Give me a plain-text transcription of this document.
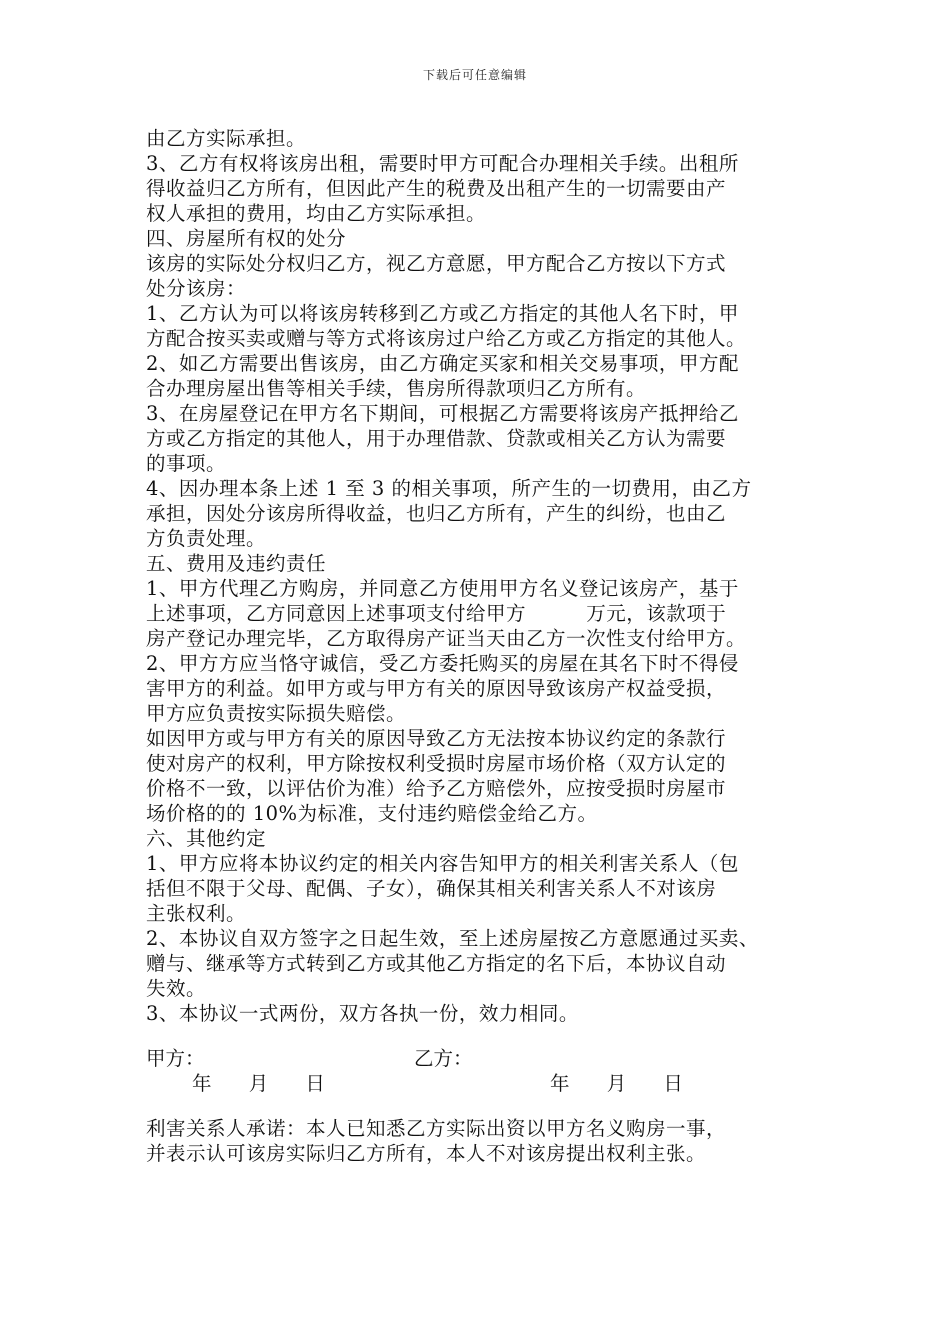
下载后可任意编辑
由乙方实际承担。
3、乙方有权将该房出租，需要时甲方可配合办理相关手续。出租所
得收益归乙方所有，但因此产生的税费及出租产生的一切需要由产
权人承担的费用，均由乙方实际承担。
四、房屋所有权的处分
该房的实际处分权归乙方，视乙方意愿，甲方配合乙方按以下方式
处分该房：
1、乙方认为可以将该房转移到乙方或乙方指定的其他人名下时，甲
方配合按买卖或赠与等方式将该房过户给乙方或乙方指定的其他人。
2、如乙方需要出售该房，由乙方确定买家和相关交易事项，甲方配
合办理房屋出售等相关手续，售房所得款项归乙方所有。
3、在房屋登记在甲方名下期间，可根据乙方需要将该房产抵押给乙
方或乙方指定的其他人，用于办理借款、贷款或相关乙方认为需要
的事项。
4、因办理本条上述 1 至 3 的相关事项，所产生的一切费用，由乙方
承担，因处分该房所得收益，也归乙方所有，产生的纠纷，也由乙
方负责处理。
五、费用及违约责任
1、甲方代理乙方购房，并同意乙方使用甲方名义登记该房产，基于
上述事项，乙方同意因上述事项支付给甲方         万元，该款项于
房产登记办理完毕，乙方取得房产证当天由乙方一次性支付给甲方。
2、甲方方应当恪守诚信，受乙方委托购买的房屋在其名下时不得侵
害甲方的利益。如甲方或与甲方有关的原因导致该房产权益受损，
甲方应负责按实际损失赔偿。
如因甲方或与甲方有关的原因导致乙方无法按本协议约定的条款行
使对房产的权利，甲方除按权利受损时房屋市场价格（双方认定的
价格不一致，以评估价为准）给予乙方赔偿外，应按受损时房屋市
场价格的的 10%为标准，支付违约赔偿金给乙方。
六、其他约定
1、甲方应将本协议约定的相关内容告知甲方的相关利害关系人（包
括但不限于父母、配偶、子女），确保其相关利害关系人不对该房
主张权利。
2、本协议自双方签字之日起生效，至上述房屋按乙方意愿通过买卖、
赠与、继承等方式转到乙方或其他乙方指定的名下后，本协议自动
失效。
3、本协议一式两份，双方各执一份，效力相同。

甲方：

	乙方：

年      月      日

	年      月      日

利害关系人承诺：本人已知悉乙方实际出资以甲方名义购房一事，
并表示认可该房实际归乙方所有，本人不对该房提出权利主张。
